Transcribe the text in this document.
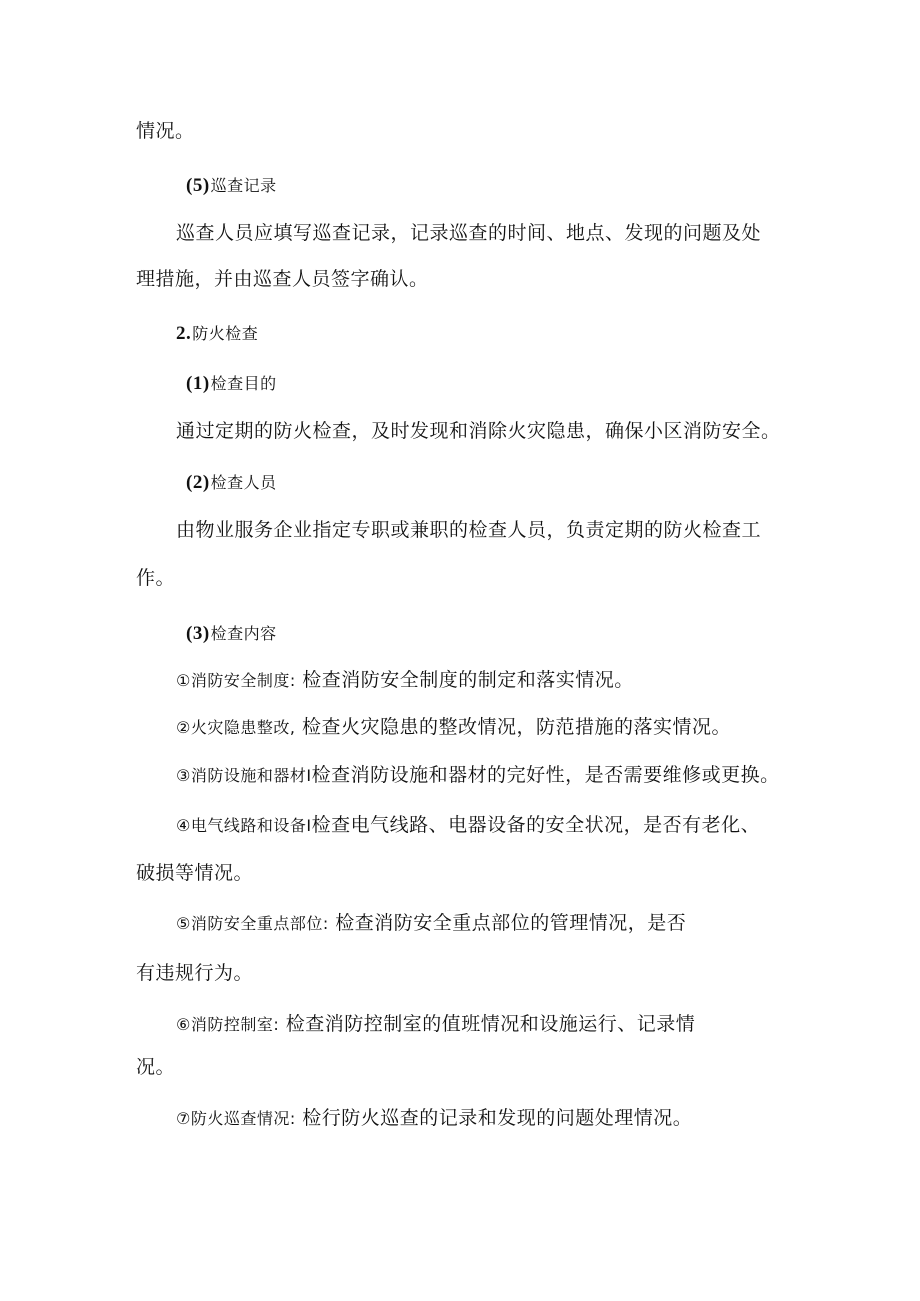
情况。
(5)巡查记录
巡查人员应填写巡查记录，记录巡查的时间、地点、发现的问题及处
理措施，并由巡查人员签字确认。
2.防火检查
(1)检查目的
通过定期的防火检查，及时发现和消除火灾隐患，确保小区消防安全。
(2)检查人员
由物业服务企业指定专职或兼职的检查人员，负责定期的防火检查工
作。
(3)检查内容
①消防安全制度: 检查消防安全制度的制定和落实情况。
②火灾隐患整改, 检查火灾隐患的整改情况，防范措施的落实情况。
③消防设施和器材I检查消防设施和器材的完好性，是否需要维修或更换。
④电气线路和设备I检查电气线路、电器设备的安全状况，是否有老化、
破损等情况。
⑤消防安全重点部位: 检查消防安全重点部位的管理情况，是否
有违规行为。
⑥消防控制室: 检查消防控制室的值班情况和设施运行、记录情
况。
⑦防火巡查情况: 检行防火巡查的记录和发现的问题处理情况。
